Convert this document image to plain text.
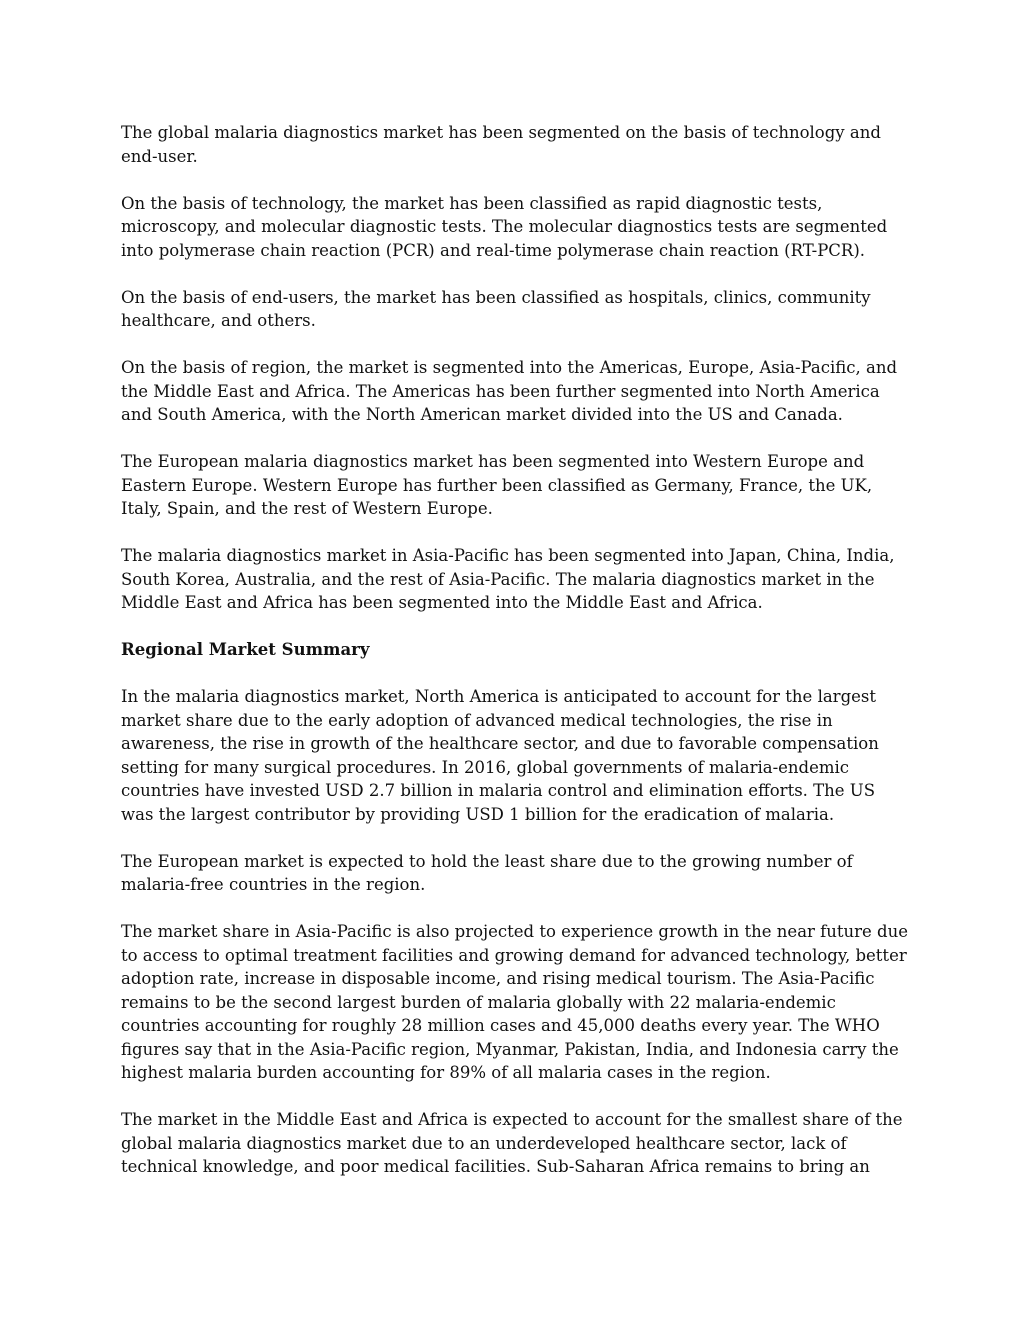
The global malaria diagnostics market has been segmented on the basis of technology and end-user.

On the basis of technology, the market has been classified as rapid diagnostic tests, microscopy, and molecular diagnostic tests. The molecular diagnostics tests are segmented into polymerase chain reaction (PCR) and real-time polymerase chain reaction (RT-PCR).

On the basis of end-users, the market has been classified as hospitals, clinics, community healthcare, and others.

On the basis of region, the market is segmented into the Americas, Europe, Asia-Pacific, and the Middle East and Africa. The Americas has been further segmented into North America and South America, with the North American market divided into the US and Canada.

The European malaria diagnostics market has been segmented into Western Europe and Eastern Europe. Western Europe has further been classified as Germany, France, the UK, Italy, Spain, and the rest of Western Europe.

The malaria diagnostics market in Asia-Pacific has been segmented into Japan, China, India, South Korea, Australia, and the rest of Asia-Pacific. The malaria diagnostics market in the Middle East and Africa has been segmented into the Middle East and Africa.

Regional Market Summary

In the malaria diagnostics market, North America is anticipated to account for the largest market share due to the early adoption of advanced medical technologies, the rise in awareness, the rise in growth of the healthcare sector, and due to favorable compensation setting for many surgical procedures. In 2016, global governments of malaria-endemic countries have invested USD 2.7 billion in malaria control and elimination efforts. The US was the largest contributor by providing USD 1 billion for the eradication of malaria.

The European market is expected to hold the least share due to the growing number of malaria-free countries in the region.

The market share in Asia-Pacific is also projected to experience growth in the near future due to access to optimal treatment facilities and growing demand for advanced technology, better adoption rate, increase in disposable income, and rising medical tourism. The Asia-Pacific remains to be the second largest burden of malaria globally with 22 malaria-endemic countries accounting for roughly 28 million cases and 45,000 deaths every year. The WHO figures say that in the Asia-Pacific region, Myanmar, Pakistan, India, and Indonesia carry the highest malaria burden accounting for 89% of all malaria cases in the region.

The market in the Middle East and Africa is expected to account for the smallest share of the global malaria diagnostics market due to an underdeveloped healthcare sector, lack of technical knowledge, and poor medical facilities. Sub-Saharan Africa remains to bring an
